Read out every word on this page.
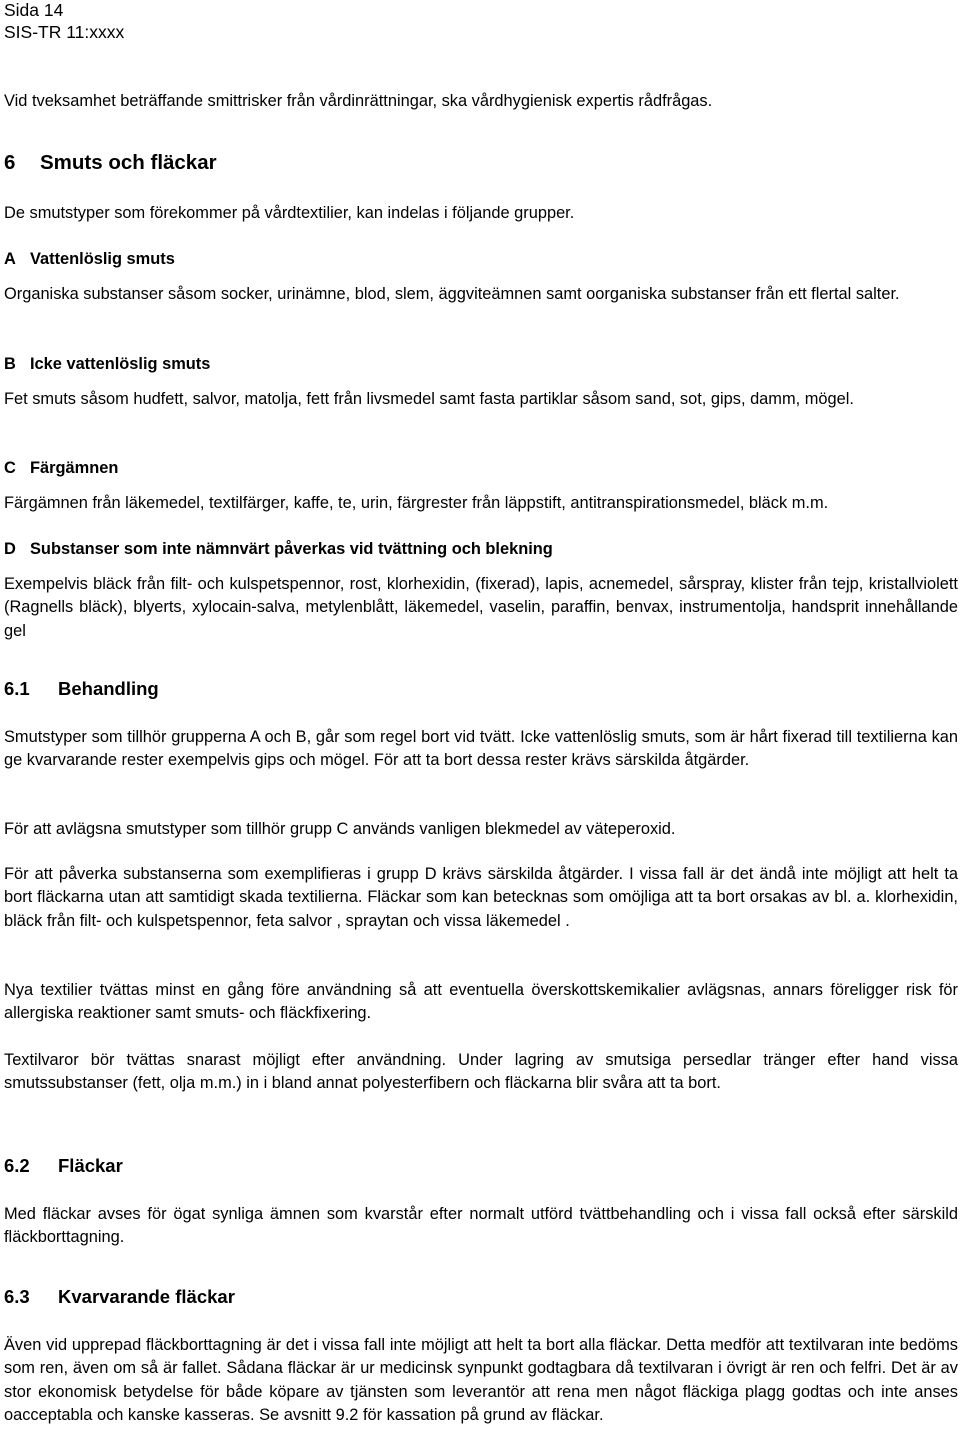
Sida 14
SIS-TR 11:xxxx

Vid tveksamhet beträffande smittrisker från vårdinrättningar, ska vårdhygienisk expertis rådfrågas.

6 Smuts och fläckar

De smutstyper som förekommer på vårdtextilier, kan indelas i följande grupper.

A Vattenlöslig smuts

Organiska substanser såsom socker, urinämne, blod, slem, äggviteämnen samt oorganiska substanser från ett flertal salter.

B Icke vattenlöslig smuts

Fet smuts såsom hudfett, salvor, matolja, fett från livsmedel samt fasta partiklar såsom sand, sot, gips, damm, mögel.

C Färgämnen

Färgämnen från läkemedel, textilfärger, kaffe, te, urin, färgrester från läppstift, antitranspirationsmedel, bläck m.m.

D Substanser som inte nämnvärt påverkas vid tvättning och blekning

Exempelvis bläck från filt- och kulspetspennor, rost, klorhexidin, (fixerad), lapis, acnemedel, sårspray, klister från tejp, kristallviolett (Ragnells bläck), blyerts, xylocain-salva, metylenblått, läkemedel, vaselin, paraffin, benvax, instrumentolja, handsprit innehållande gel

6.1 Behandling

Smutstyper som tillhör grupperna A och B, går som regel bort vid tvätt. Icke vattenlöslig smuts, som är hårt fixerad till textilierna kan ge kvarvarande rester exempelvis gips och mögel. För att ta bort dessa rester krävs särskilda åtgärder.

För att avlägsna smutstyper som tillhör grupp C används vanligen blekmedel av väteperoxid.

För att påverka substanserna som exemplifieras i grupp D krävs särskilda åtgärder. I vissa fall är det ändå inte möjligt att helt ta bort fläckarna utan att samtidigt skada textilierna. Fläckar som kan betecknas som omöjliga att ta bort orsakas av bl. a. klorhexidin, bläck från filt- och kulspetspennor, feta salvor , spraytan och vissa läkemedel .

Nya textilier tvättas minst en gång före användning så att eventuella överskottskemikalier avlägsnas, annars föreligger risk för allergiska reaktioner samt smuts- och fläckfixering.

Textilvaror bör tvättas snarast möjligt efter användning. Under lagring av smutsiga persedlar tränger efter hand vissa smutssubstanser (fett, olja m.m.) in i bland annat polyesterfibern och fläckarna blir svåra att ta bort.

6.2 Fläckar

Med fläckar avses för ögat synliga ämnen som kvarstår efter normalt utförd tvättbehandling och i vissa fall också efter särskild fläckborttagning.

6.3 Kvarvarande fläckar

Även vid upprepad fläckborttagning är det i vissa fall inte möjligt att helt ta bort alla fläckar. Detta medför att textilvaran inte bedöms som ren, även om så är fallet. Sådana fläckar är ur medicinsk synpunkt godtagbara då textilvaran i övrigt är ren och felfri. Det är av stor ekonomisk betydelse för både köpare av tjänsten som leverantör att rena men något fläckiga plagg godtas och inte anses oacceptabla och kanske kasseras. Se avsnitt 9.2 för kassation på grund av fläckar.
